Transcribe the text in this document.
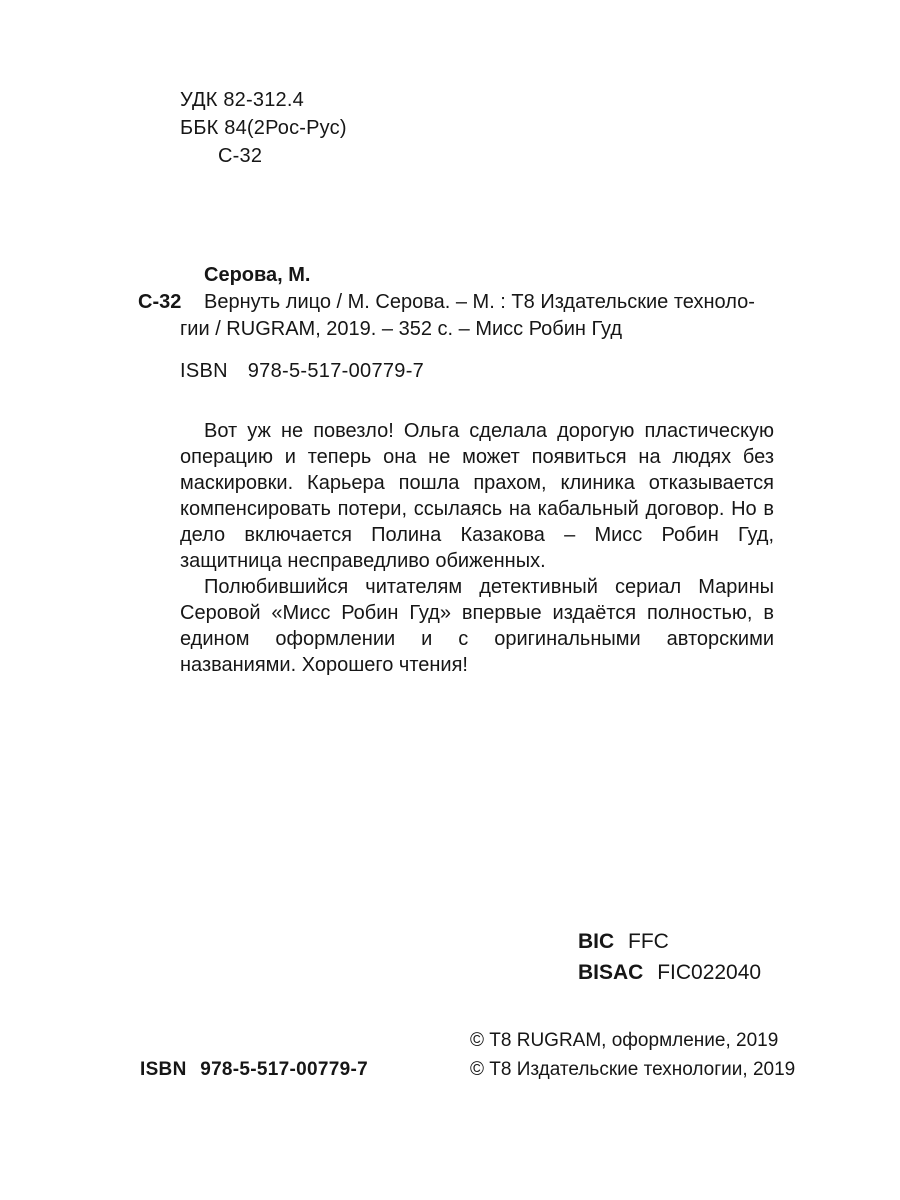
УДК 82-312.4
ББК 84(2Рос-Рус)
С-32
Серова, М.
С-32	Вернуть лицо / М. Серова. – М. : Т8 Издательские техноло-
гии / RUGRAM, 2019. – 352 с. – Мисс Робин Гуд
ISBN 978-5-517-00779-7

Вот уж не повезло! Ольга сделала дорогую пластическую операцию и теперь она не может появиться на людях без маскировки. Карьера пошла прахом, клиника отказывается компенсировать потери, ссылаясь на кабальный договор. Но в дело включается Полина Казакова – Мисс Робин Гуд, защитница несправедливо обиженных.

Полюбившийся читателям детективный сериал Марины Серовой «Мисс Робин Гуд» впервые издаётся полностью, в едином оформлении и с оригинальными авторскими названиями. Хорошего чтения!

BIC FFC
BISAC FIC022040
© Т8 RUGRAM, оформление, 2019
ISBN 978-5-517-00779-7	© Т8 Издательские технологии, 2019
